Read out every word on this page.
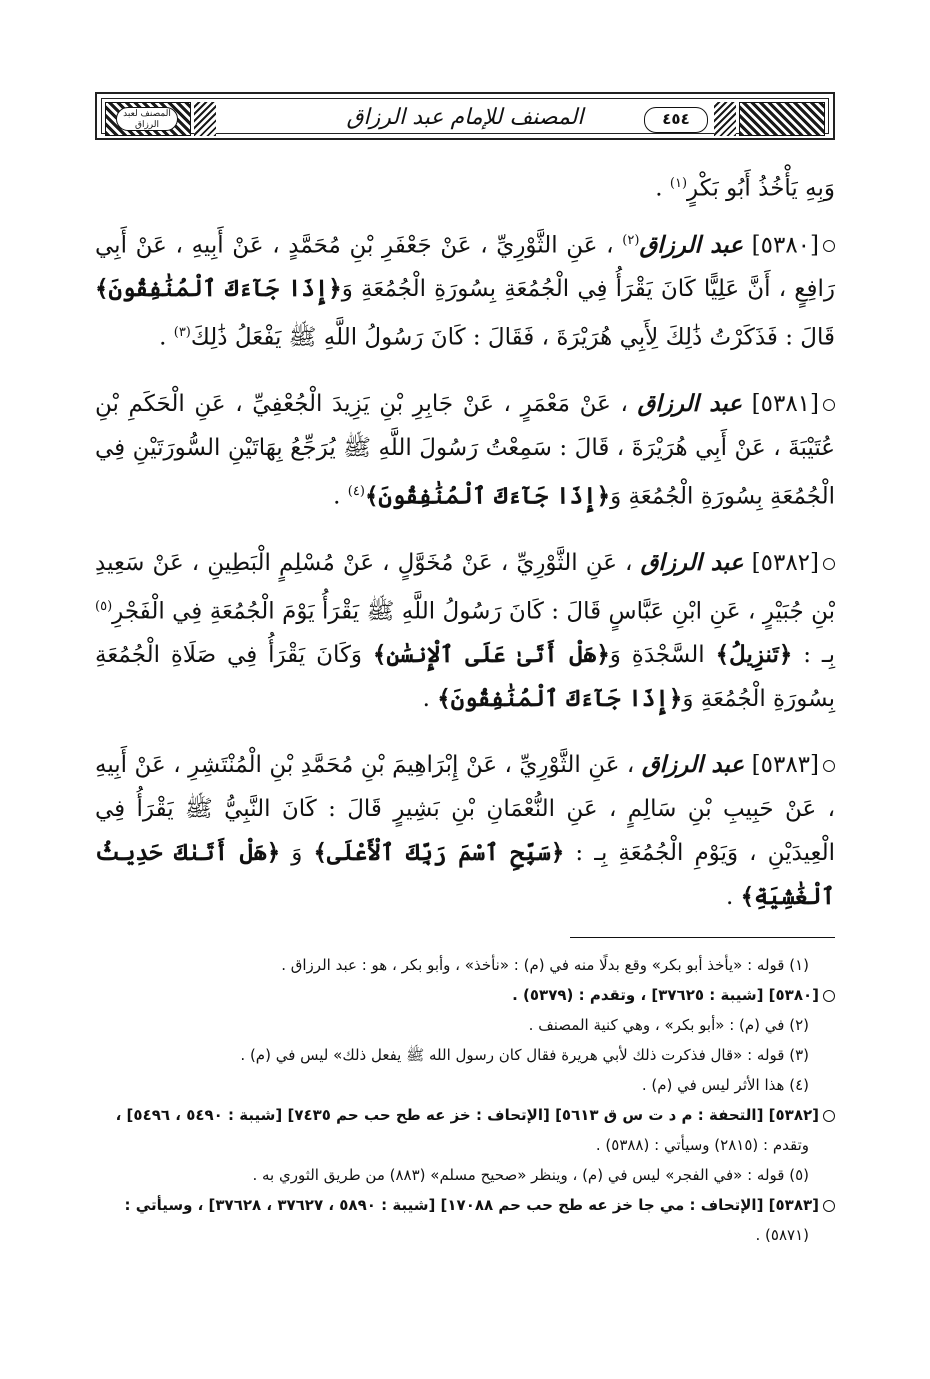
٤٥٤
المصنف لعبد الرزاق	المصنف للإمام عبد الرزاق

وَبِهِ يَأْخُذُ أَبُو بَكْرٍ$^{(١)}$ .

[٥٣٨٠] عبد الرزاق$^{(٢)}$ ، عَنِ الثَّوْرِيِّ ، عَنْ جَعْفَرِ بْنِ مُحَمَّدٍ ، عَنْ أَبِيهِ ، عَنْ أَبِي رَافِعٍ ، أَنَّ عَلِيًّا كَانَ يَقْرَأُ فِي الْجُمُعَةِ بِسُورَةِ الْجُمُعَةِ وَ﴿إِذَا جَآءَكَ ٱلْمُنَٰفِقُونَ﴾ قَالَ : فَذَكَرْتُ ذَٰلِكَ لِأَبِي هُرَيْرَةَ ، فَقَالَ : كَانَ رَسُولُ اللَّهِ ﷺ يَفْعَلُ ذَٰلِكَ$^{(٣)}$ .

[٥٣٨١] عبد الرزاق ، عَنْ مَعْمَرٍ ، عَنْ جَابِرِ بْنِ يَزِيدَ الْجُعْفِيِّ ، عَنِ الْحَكَمِ بْنِ عُتَيْبَةَ ، عَنْ أَبِي هُرَيْرَةَ ، قَالَ : سَمِعْتُ رَسُولَ اللَّهِ ﷺ يُرَجِّعُ بِهَاتَيْنِ السُّورَتَيْنِ فِي الْجُمُعَةِ بِسُورَةِ الْجُمُعَةِ وَ﴿إِذَا جَآءَكَ ٱلْمُنَٰفِقُونَ﴾$^{(٤)}$ .

[٥٣٨٢] عبد الرزاق ، عَنِ الثَّوْرِيِّ ، عَنْ مُخَوَّلٍ ، عَنْ مُسْلِمٍ الْبَطِينِ ، عَنْ سَعِيدِ بْنِ جُبَيْرٍ ، عَنِ ابْنِ عَبَّاسٍ قَالَ : كَانَ رَسُولُ اللَّهِ ﷺ يَقْرَأُ يَوْمَ الْجُمُعَةِ فِي الْفَجْرِ$^{(٥)}$ بِـ : ﴿تَنزِيلُ﴾ السَّجْدَةِ وَ﴿هَلْ أَتَىٰ عَلَى ٱلْإِنسَٰنِ﴾ وَكَانَ يَقْرَأُ فِي صَلَاةِ الْجُمُعَةِ بِسُورَةِ الْجُمُعَةِ وَ﴿إِذَا جَآءَكَ ٱلْمُنَٰفِقُونَ﴾ .

[٥٣٨٣] عبد الرزاق ، عَنِ الثَّوْرِيِّ ، عَنْ إِبْرَاهِيمَ بْنِ مُحَمَّدِ بْنِ الْمُنْتَشِرِ ، عَنْ أَبِيهِ ، عَنْ حَبِيبِ بْنِ سَالِمٍ ، عَنِ النُّعْمَانِ بْنِ بَشِيرٍ قَالَ : كَانَ النَّبِيُّ ﷺ يَقْرَأُ فِي الْعِيدَيْنِ ، وَيَوْمِ الْجُمُعَةِ بِـ : ﴿سَبِّحِ ٱسْمَ رَبِّكَ ٱلْأَعْلَى﴾ وَ ﴿هَلْ أَتَىٰكَ حَدِيثُ ٱلْغَٰشِيَةِ﴾ .

(١) قوله : «يأخذ أبو بكر» وقع بدلًا منه في (م) : «نأخذ» ، وأبو بكر ، هو : عبد الرزاق .

[٥٣٨٠] [شيبة : ٣٧٦٢٥] ، وتقدم : (٥٣٧٩) .

(٢) في (م) : «أبو بكر» ، وهي كنية المصنف .

(٣) قوله : «قال فذكرت ذلك لأبي هريرة فقال كان رسول الله ﷺ يفعل ذلك» ليس في (م) .

(٤) هذا الأثر ليس في (م) .

[٥٣٨٢] [التحفة : م د ت س ق ٥٦١٣] [الإتحاف : خز عه طح حب حم ٧٤٣٥] [شيبة : ٥٤٩٠ ، ٥٤٩٦] ،

وتقدم : (٢٨١٥) وسيأتي : (٥٣٨٨) .

(٥) قوله : «في الفجر» ليس في (م) ، وينظر «صحيح مسلم» (٨٨٣) من طريق الثوري به .

[٥٣٨٣] [الإتحاف : مي جا خز عه طح حب حم ١٧٠٨٨] [شيبة : ٥٨٩٠ ، ٣٧٦٢٧ ، ٣٧٦٢٨] ، وسيأتي :

(٥٨٧١) .
